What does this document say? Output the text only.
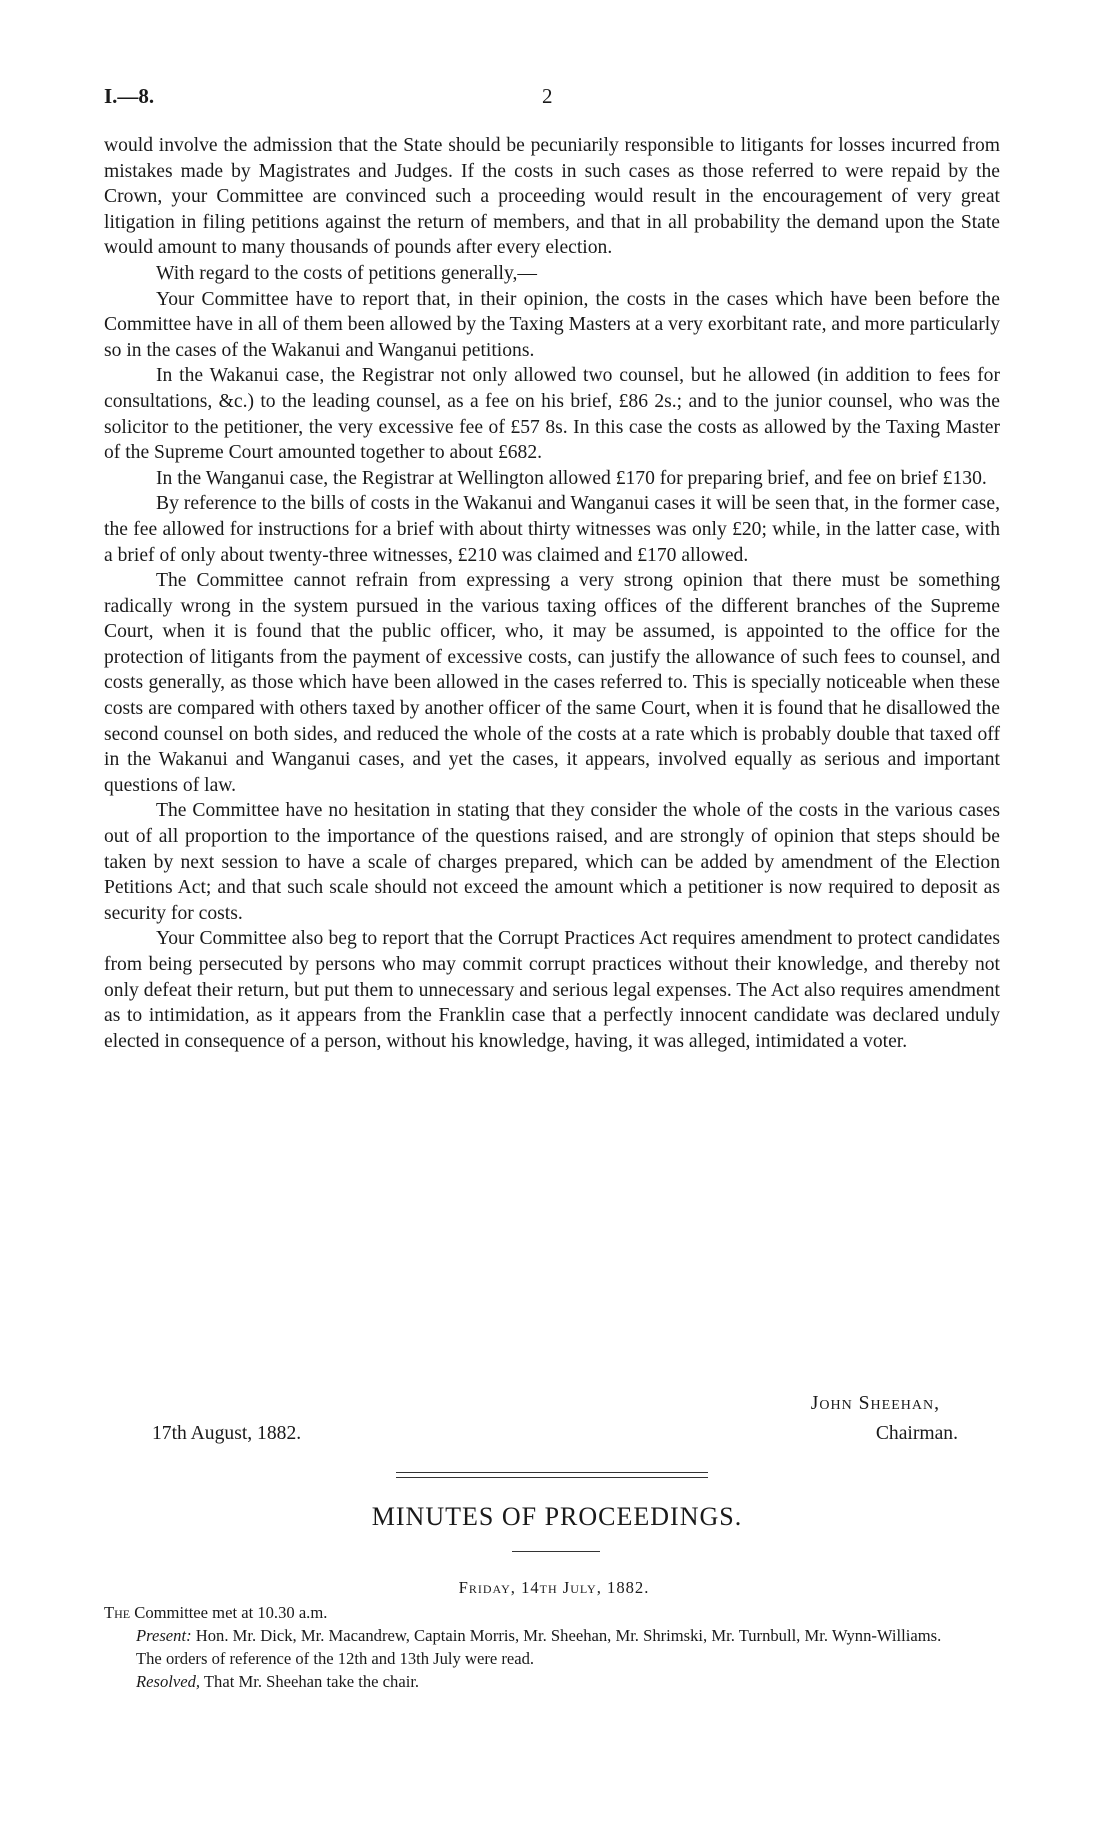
I.—8.	2

would involve the admission that the State should be pecuniarily responsible to litigants for losses incurred from mistakes made by Magistrates and Judges. If the costs in such cases as those referred to were repaid by the Crown, your Committee are convinced such a proceeding would result in the encouragement of very great litigation in filing petitions against the return of members, and that in all probability the demand upon the State would amount to many thousands of pounds after every election.

With regard to the costs of petitions generally,—

Your Committee have to report that, in their opinion, the costs in the cases which have been before the Committee have in all of them been allowed by the Taxing Masters at a very exorbitant rate, and more particularly so in the cases of the Wakanui and Wanganui petitions.

In the Wakanui case, the Registrar not only allowed two counsel, but he allowed (in addition to fees for consultations, &c.) to the leading counsel, as a fee on his brief, £86 2s.; and to the junior counsel, who was the solicitor to the petitioner, the very excessive fee of £57 8s. In this case the costs as allowed by the Taxing Master of the Supreme Court amounted together to about £682.

In the Wanganui case, the Registrar at Wellington allowed £170 for preparing brief, and fee on brief £130.

By reference to the bills of costs in the Wakanui and Wanganui cases it will be seen that, in the former case, the fee allowed for instructions for a brief with about thirty witnesses was only £20; while, in the latter case, with a brief of only about twenty-three witnesses, £210 was claimed and £170 allowed.

The Committee cannot refrain from expressing a very strong opinion that there must be something radically wrong in the system pursued in the various taxing offices of the different branches of the Supreme Court, when it is found that the public officer, who, it may be assumed, is appointed to the office for the protection of litigants from the payment of excessive costs, can justify the allowance of such fees to counsel, and costs generally, as those which have been allowed in the cases referred to. This is specially noticeable when these costs are compared with others taxed by another officer of the same Court, when it is found that he disallowed the second counsel on both sides, and reduced the whole of the costs at a rate which is probably double that taxed off in the Wakanui and Wanganui cases, and yet the cases, it appears, involved equally as serious and important questions of law.

The Committee have no hesitation in stating that they consider the whole of the costs in the various cases out of all proportion to the importance of the questions raised, and are strongly of opinion that steps should be taken by next session to have a scale of charges prepared, which can be added by amendment of the Election Petitions Act; and that such scale should not exceed the amount which a petitioner is now required to deposit as security for costs.

Your Committee also beg to report that the Corrupt Practices Act requires amendment to protect candidates from being persecuted by persons who may commit corrupt practices without their knowledge, and thereby not only defeat their return, but put them to unnecessary and serious legal expenses. The Act also requires amendment as to intimidation, as it appears from the Franklin case that a perfectly innocent candidate was declared unduly elected in consequence of a person, without his knowledge, having, it was alleged, intimidated a voter.

John Sheehan,
17th August, 1882.	Chairman.
MINUTES OF PROCEEDINGS.

Friday, 14th July, 1882.

The Committee met at 10.30 a.m.

Present: Hon. Mr. Dick, Mr. Macandrew, Captain Morris, Mr. Sheehan, Mr. Shrimski, Mr. Turnbull, Mr. Wynn-Williams.

The orders of reference of the 12th and 13th July were read.

Resolved, That Mr. Sheehan take the chair.
